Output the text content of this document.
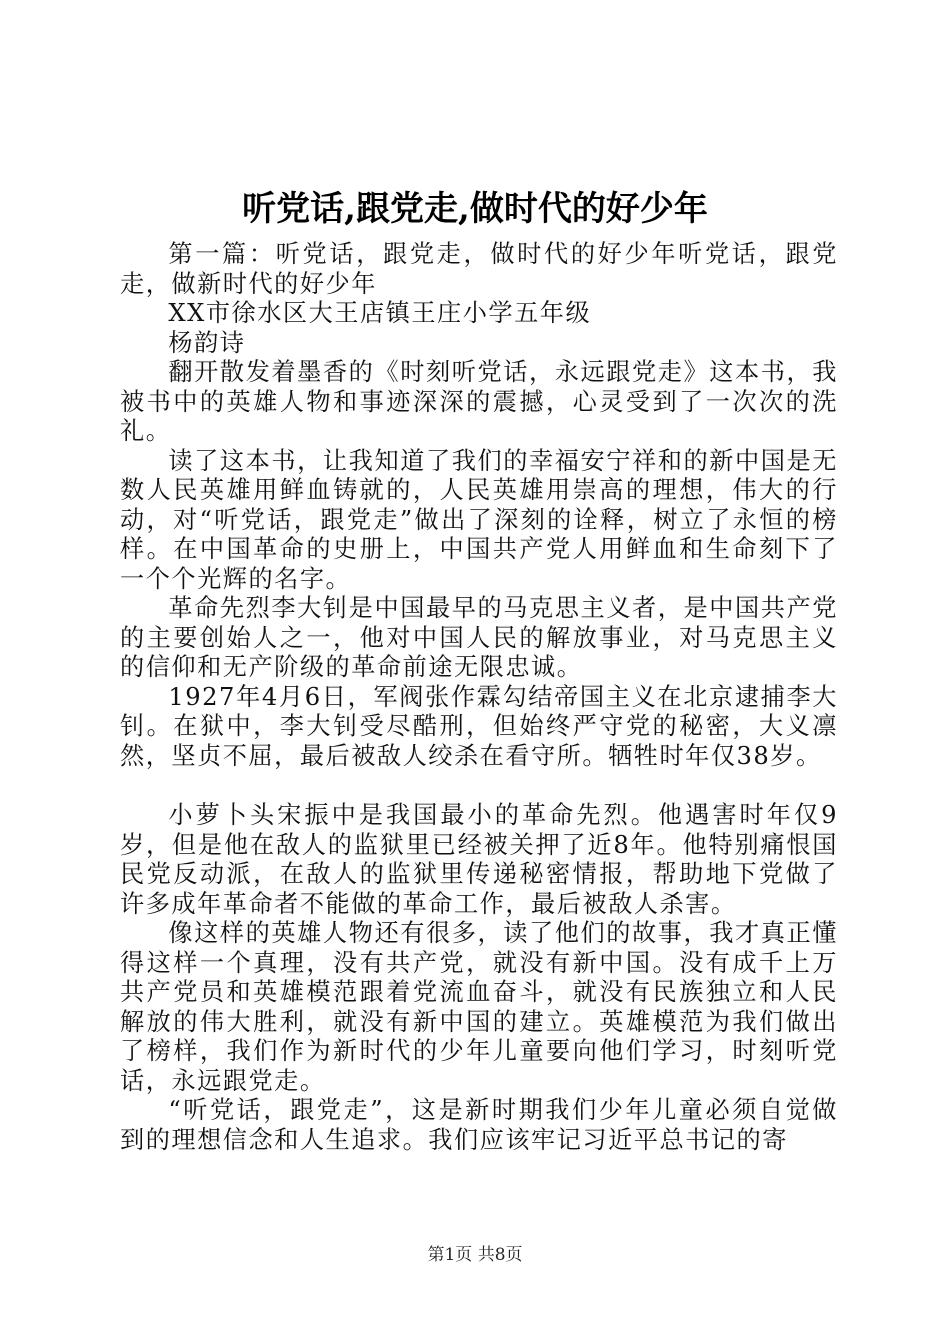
听党话,跟党走,做时代的好少年

第一篇：听党话，跟党走，做时代的好少年听党话，跟党走，做新时代的好少年

XX市徐水区大王店镇王庄小学五年级

杨韵诗

翻开散发着墨香的《时刻听党话，永远跟党走》这本书，我被书中的英雄人物和事迹深深的震撼，心灵受到了一次次的洗礼。

读了这本书，让我知道了我们的幸福安宁祥和的新中国是无数人民英雄用鲜血铸就的，人民英雄用崇高的理想，伟大的行动，对“听党话，跟党走”做出了深刻的诠释，树立了永恒的榜样。在中国革命的史册上，中国共产党人用鲜血和生命刻下了一个个光辉的名字。

革命先烈李大钊是中国最早的马克思主义者，是中国共产党的主要创始人之一，他对中国人民的解放事业，对马克思主义的信仰和无产阶级的革命前途无限忠诚。

1927年4月6日，军阀张作霖勾结帝国主义在北京逮捕李大钊。在狱中，李大钊受尽酷刑，但始终严守党的秘密，大义凛然，坚贞不屈，最后被敌人绞杀在看守所。牺牲时年仅38岁。

小萝卜头宋振中是我国最小的革命先烈。他遇害时年仅9岁，但是他在敌人的监狱里已经被关押了近8年。他特别痛恨国民党反动派，在敌人的监狱里传递秘密情报，帮助地下党做了许多成年革命者不能做的革命工作，最后被敌人杀害。

像这样的英雄人物还有很多，读了他们的故事，我才真正懂得这样一个真理，没有共产党，就没有新中国。没有成千上万共产党员和英雄模范跟着党流血奋斗，就没有民族独立和人民解放的伟大胜利，就没有新中国的建立。英雄模范为我们做出了榜样，我们作为新时代的少年儿童要向他们学习，时刻听党话，永远跟党走。

“听党话，跟党走”，这是新时期我们少年儿童必须自觉做到的理想信念和人生追求。我们应该牢记习近平总书记的寄

第1页 共8页
